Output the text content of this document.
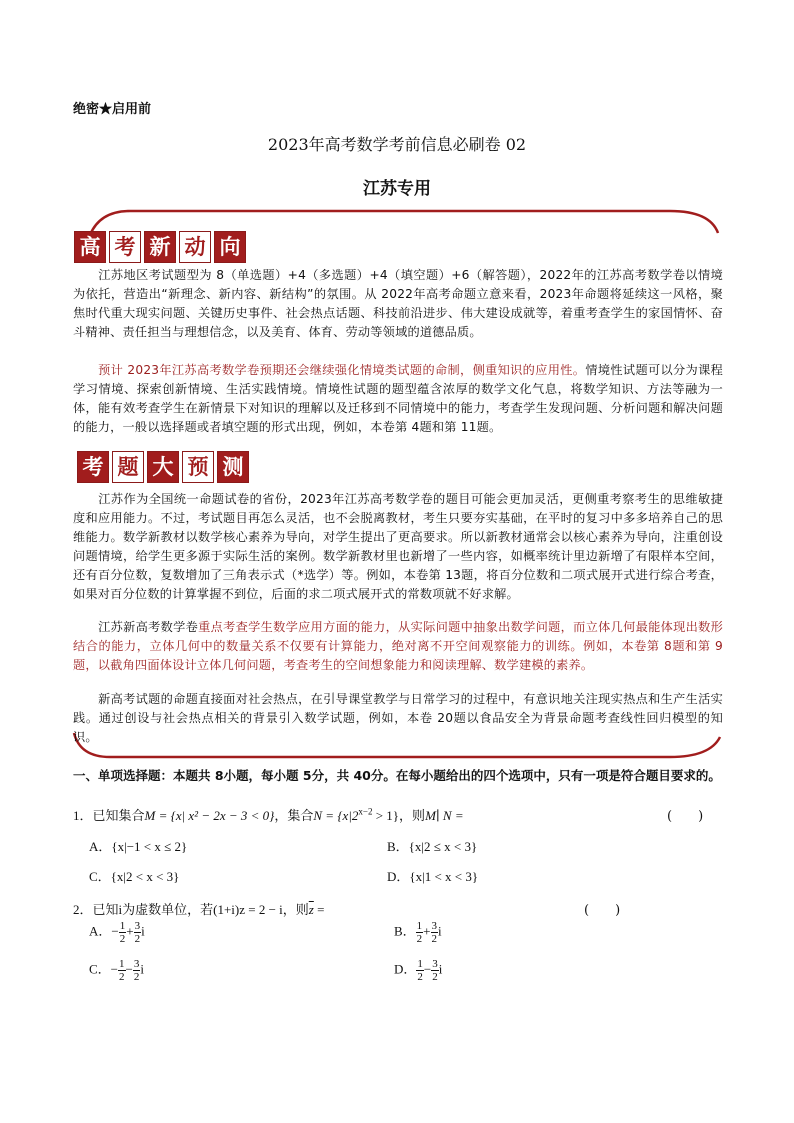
绝密★启用前
2023年高考数学考前信息必刷卷 02
江苏专用
高 考 新 动 向
江苏地区考试题型为 8（单选题）+4（多选题）+4（填空题）+6（解答题），2022年的江苏高考数学卷以情境为依托，营造出“新理念、新内容、新结构”的氛围。从 2022年高考命题立意来看，2023年命题将延续这一风格，聚焦时代重大现实问题、关键历史事件、社会热点话题、科技前沿进步、伟大建设成就等，着重考查学生的家国情怀、奋斗精神、责任担当与理想信念，以及美育、体育、劳动等领域的道德品质。
预计 2023年江苏高考数学卷预期还会继续强化情境类试题的命制，侧重知识的应用性。情境性试题可以分为课程学习情境、探索创新情境、生活实践情境。情境性试题的题型蕴含浓厚的数学文化气息，将数学知识、方法等融为一体，能有效考查学生在新情景下对知识的理解以及迁移到不同情境中的能力，考查学生发现问题、分析问题和解决问题的能力，一般以选择题或者填空题的形式出现，例如，本卷第 4题和第 11题。
考 题 大 预 测
江苏作为全国统一命题试卷的省份，2023年江苏高考数学卷的题目可能会更加灵活，更侧重考察考生的思维敏捷度和应用能力。不过，考试题目再怎么灵活，也不会脱离教材，考生只要夯实基础，在平时的复习中多多培养自己的思维能力。数学新教材以数学核心素养为导向，对学生提出了更高要求。所以新教材通常会以核心素养为导向，注重创设问题情境，给学生更多源于实际生活的案例。数学新教材里也新增了一些内容，如概率统计里边新增了有限样本空间，还有百分位数，复数增加了三角表示式（*选学）等。例如，本卷第 13题，将百分位数和二项式展开式进行综合考查，如果对百分位数的计算掌握不到位，后面的求二项式展开式的常数项就不好求解。
江苏新高考数学卷重点考查学生数学应用方面的能力，从实际问题中抽象出数学问题，而立体几何最能体现出数形结合的能力，立体几何中的数量关系不仅要有计算能力，绝对离不开空间观察能力的训练。例如，本卷第 8题和第 9题，以截角四面体设计立体几何问题，考查考生的空间想象能力和阅读理解、数学建模的素养。
新高考试题的命题直接面对社会热点，在引导课堂教学与日常学习的过程中，有意识地关注现实热点和生产生活实践。通过创设与社会热点相关的背景引入数学试题，例如，本卷 20题以食品安全为背景命题考查线性回归模型的知识。
一、单项选择题：本题共 8小题，每小题 5分，共 40分。在每小题给出的四个选项中，只有一项是符合题目要求的。
1．已知集合M = {x| x² − 2x − 3 < 0}，集合$N = \{x|2^{x-2} > 1\}$，则M∣ N =	(　　)
A．{x|−1 < x ≤ 2}	B．{x|2 ≤ x < 3}
C．{x|2 < x < 3}	D．{x|1 < x < 3}
2．已知i为虚数单位，若(1+i)z = 2 − i，则$\overline{z}$ =	(　　)
A．− $\frac{1}{2} + \frac{3}{2}$ i	B． $\frac{1}{2} + \frac{3}{2}$ i
C．− $\frac{1}{2} - \frac{3}{2}$ i	D． $\frac{1}{2} - \frac{3}{2}$ i
